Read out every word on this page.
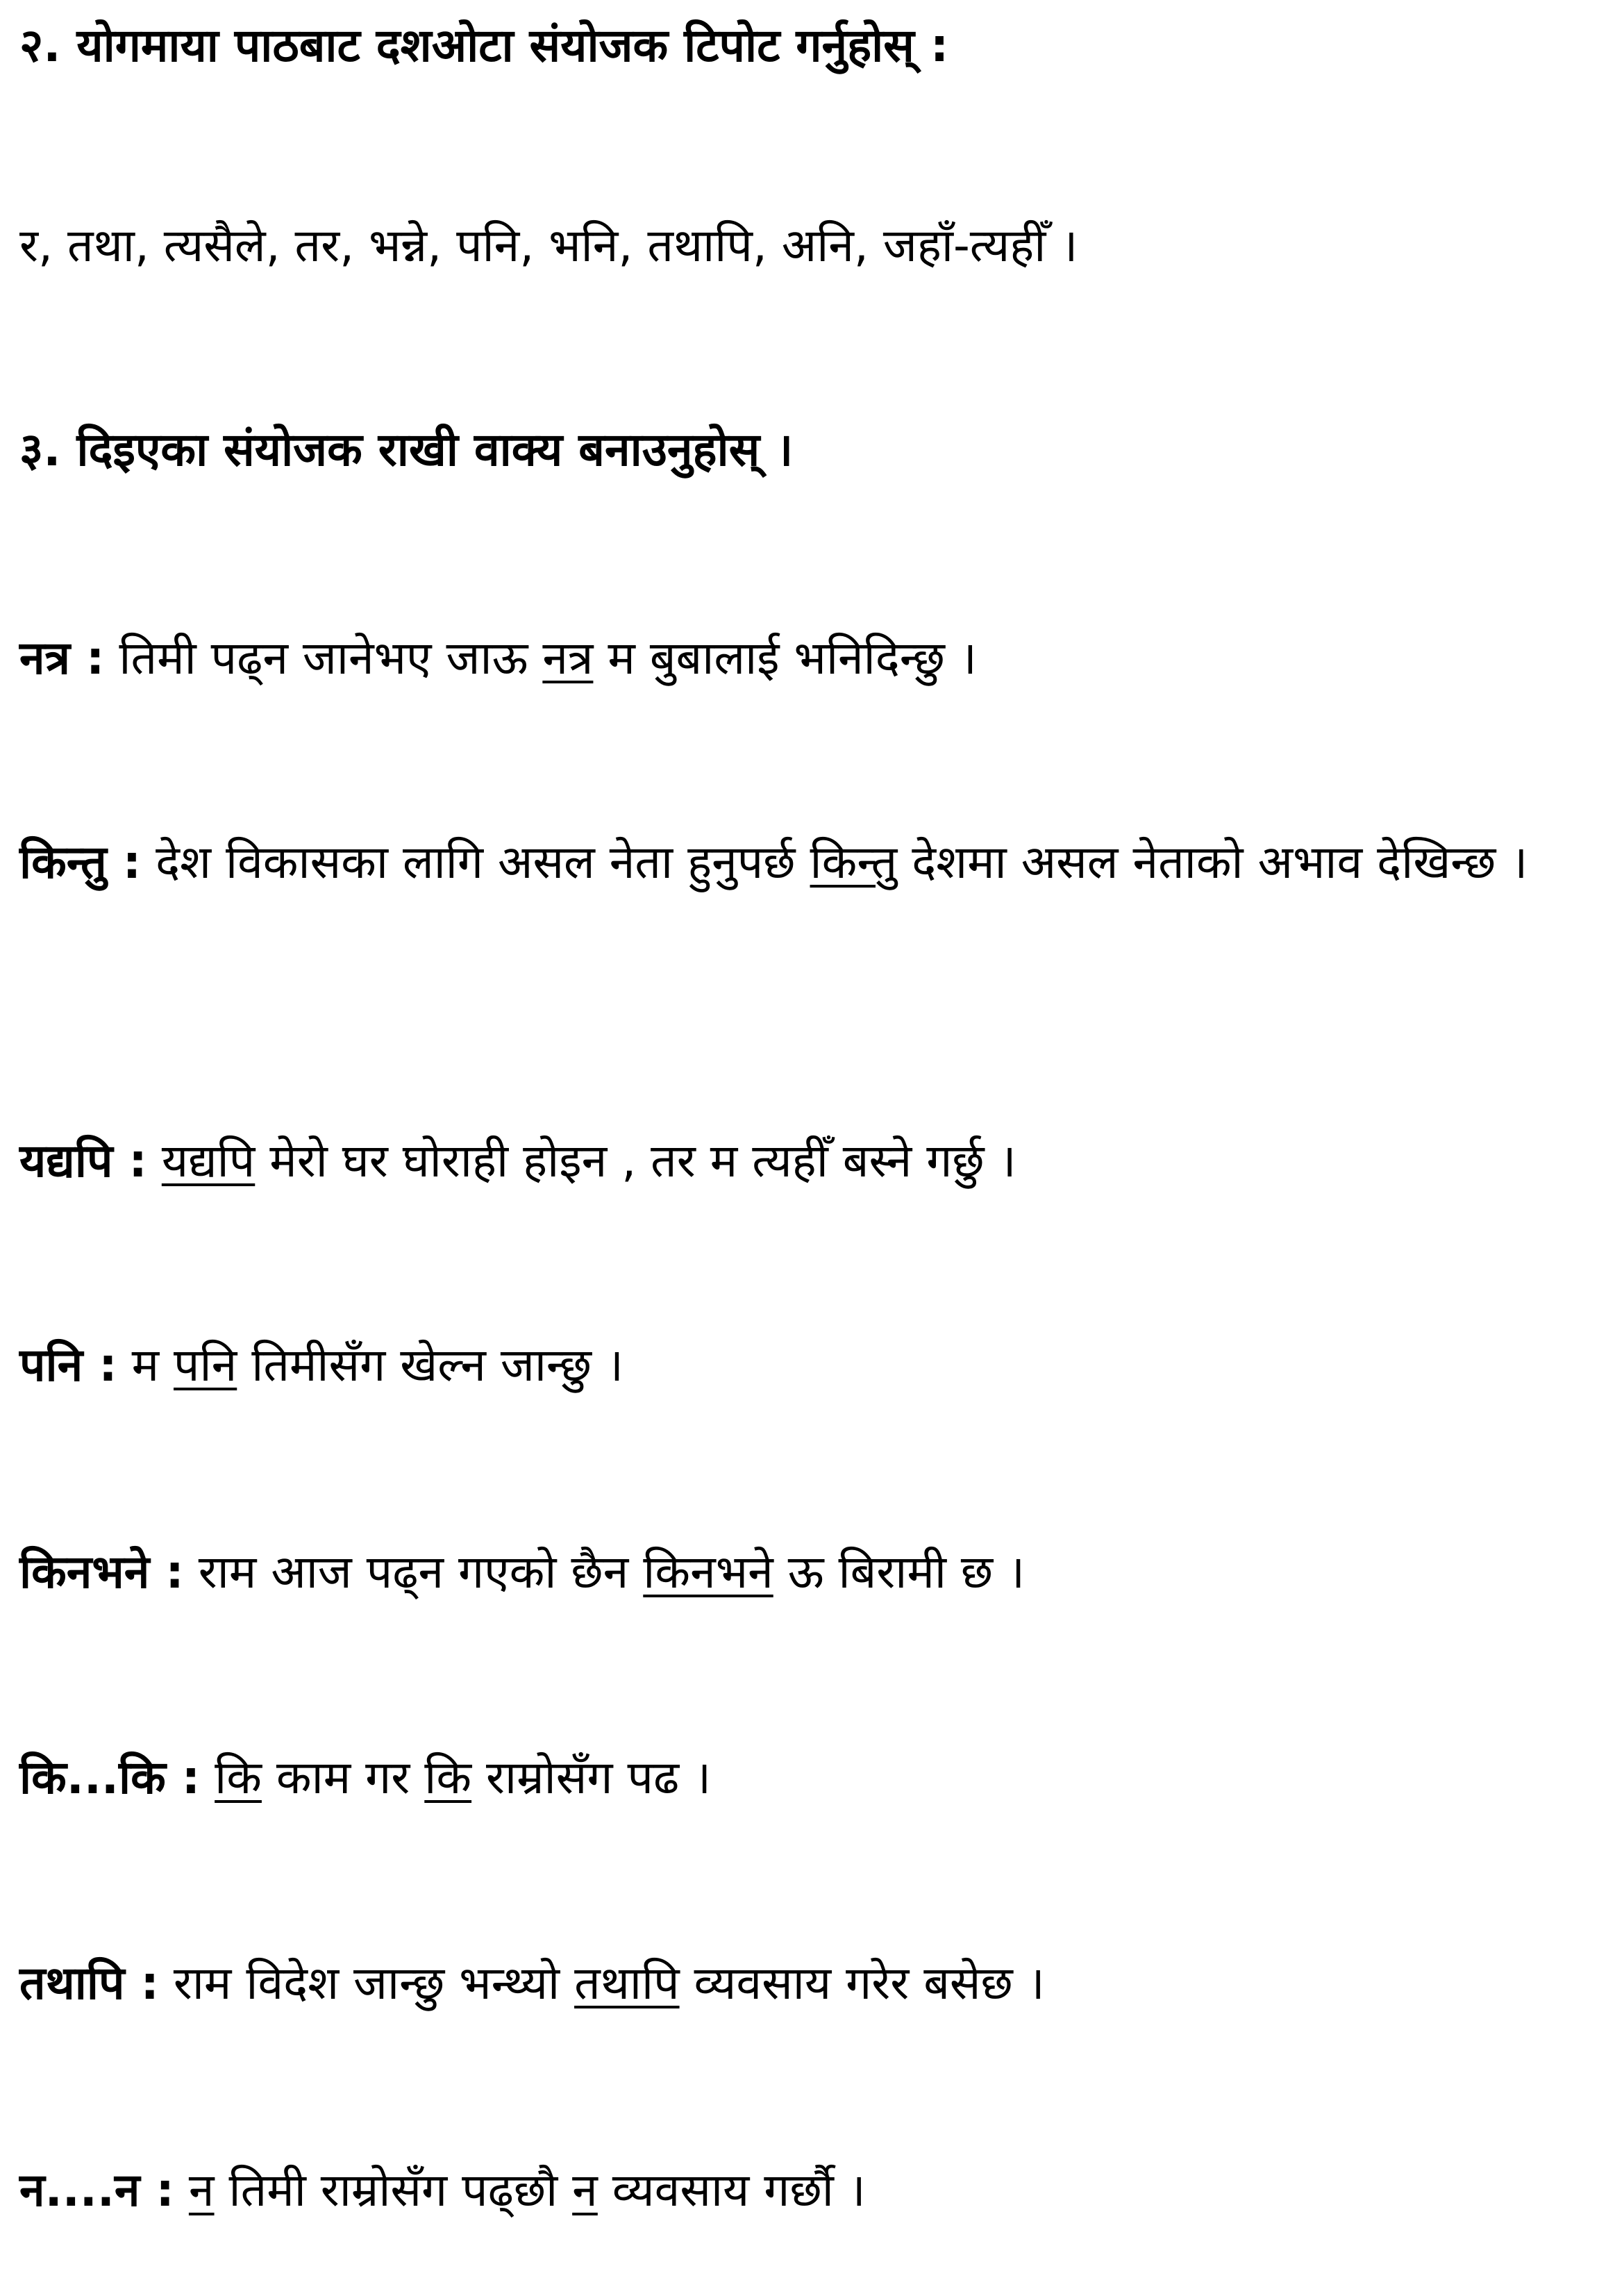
२. योगमाया पाठबाट दशओटा संयोजक टिपोट गर्नुहोस् :

र, तथा, त्यसैले, तर, भन्ने, पनि, भनि, तथापि, अनि, जहाँ-त्यहीँ ।

३. दिइएका संयोजक राखी वाक्य बनाउनुहोस् ।

नत्र : तिमी पढ्न जानेभए जाऊ नत्र म बुबालाई भनिदिन्छु ।

किन्तु : देश विकासका लागि असल नेता हुनुपर्छ किन्तु देशमा असल नेताको अभाव देखिन्छ ।

यद्यपि : यद्यपि मेरो घर घोराही होइन , तर म त्यहीँ बस्ने गर्छु ।

पनि : म पनि तिमीसँग खेल्न जान्छु ।

किनभने : राम आज पढ्न गएको छैन किनभने ऊ बिरामी छ ।

कि...कि : कि काम गर कि राम्रोसँग पढ ।

तथापि : राम विदेश जान्छु भन्थ्यो तथापि व्यवसाय गरेर बसेछ ।

न....न : न तिमी राम्रोसँग पढ्छौ न व्यवसाय गर्छौ ।
